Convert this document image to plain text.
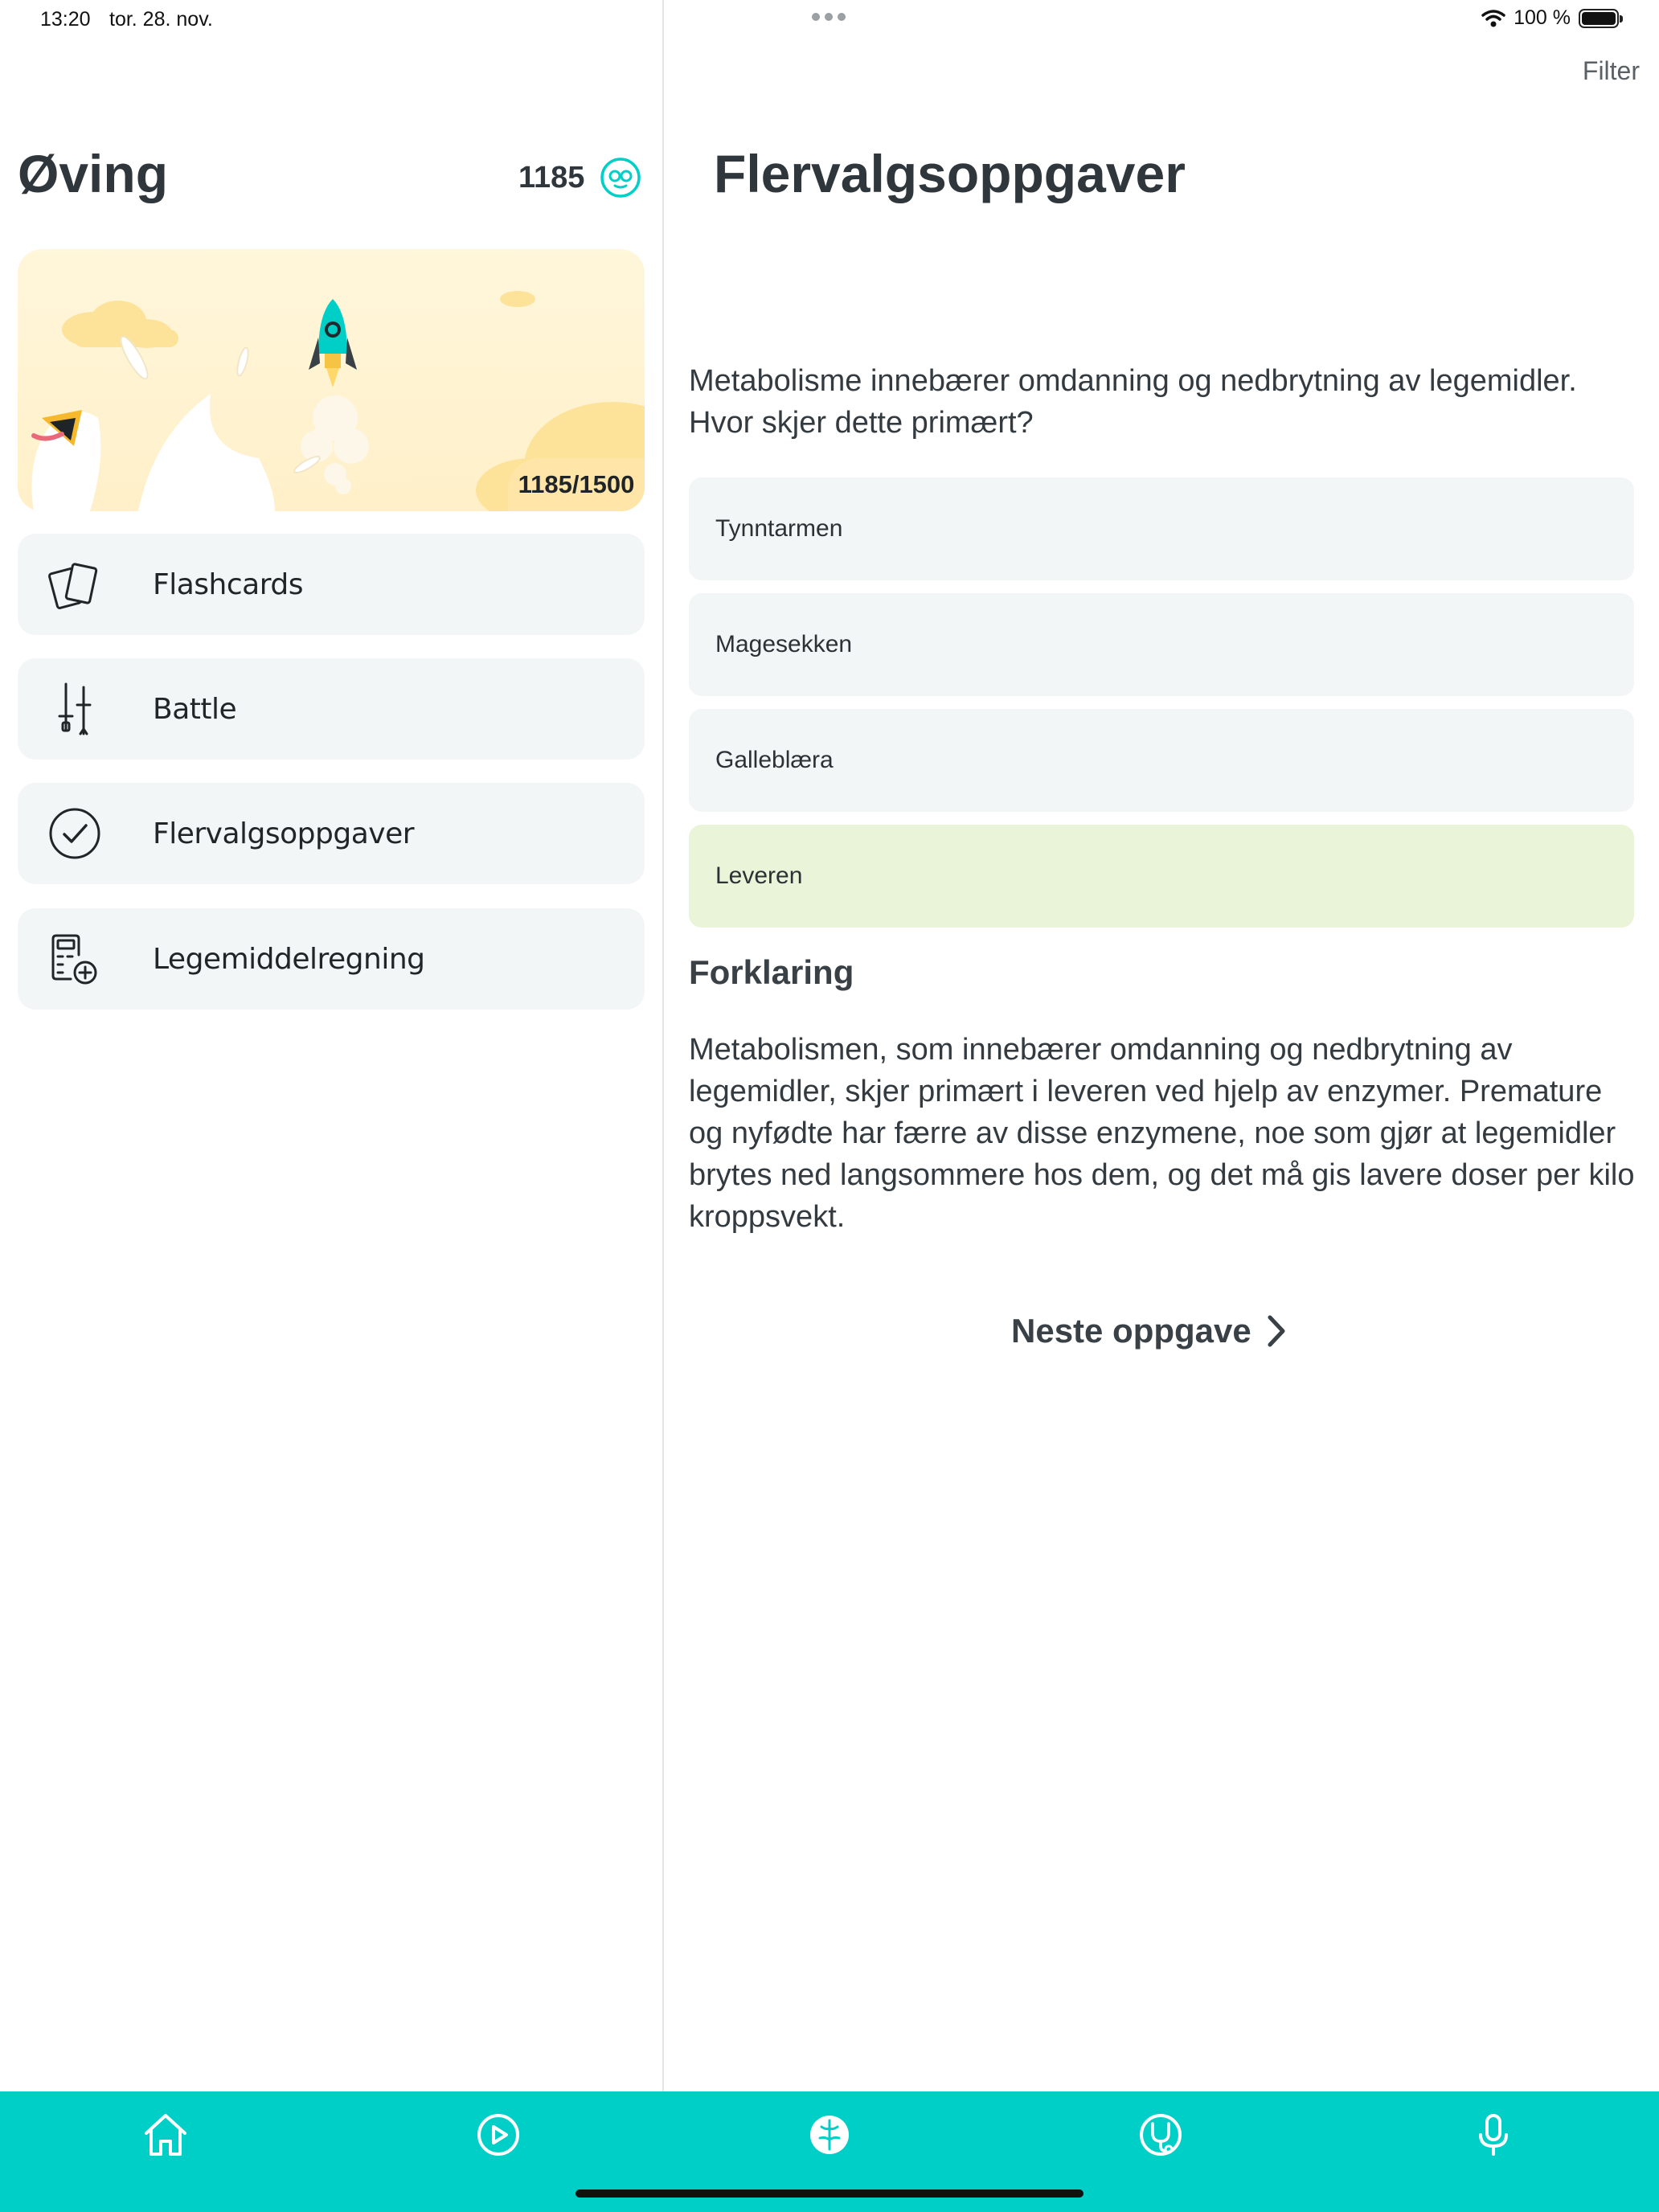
13:20 tor. 28. nov.	100 %
Øving	1185
1185/1500
Flashcards
Battle
Flervalgsoppgaver
Legemiddelregning
Filter
Flervalgsoppgaver

Metabolisme innebærer omdanning og nedbrytning av legemidler. Hvor skjer dette primært?

Tynntarmen
Magesekken
Galleblæra
Leveren
Forklaring

Metabolismen, som innebærer omdanning og nedbrytning av legemidler, skjer primært i leveren ved hjelp av enzymer. Premature og nyfødte har færre av disse enzymene, noe som gjør at legemidler brytes ned langsommere hos dem, og det må gis lavere doser per kilo kroppsvekt.

Neste oppgave
